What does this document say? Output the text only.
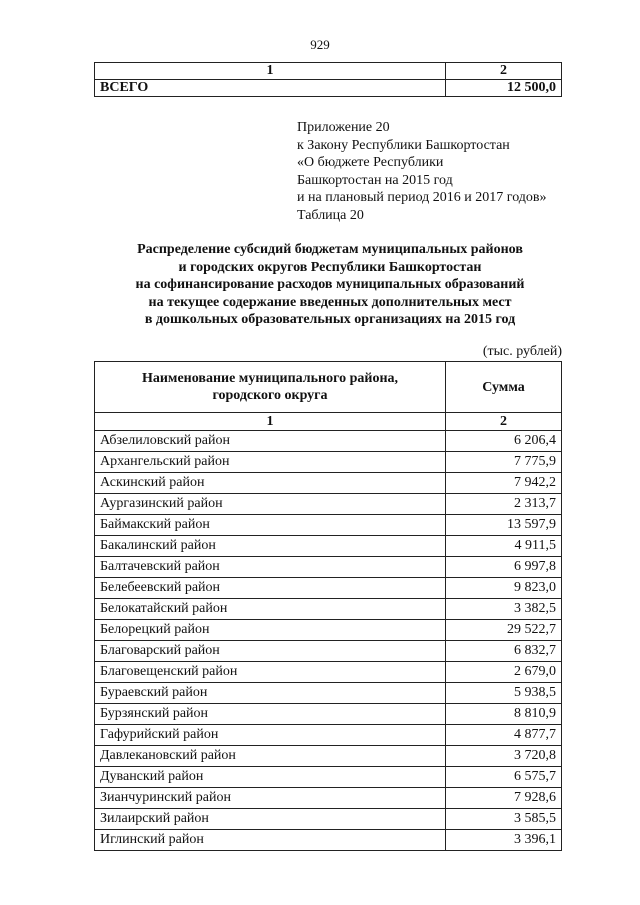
929
1	2
ВСЕГО	12 500,0
Приложение 20
к Закону Республики Башкортостан
«О бюджете Республики
Башкортостан на 2015 год
и на плановый период 2016 и 2017 годов»
Таблица 20
Распределение субсидий бюджетам муниципальных районов
и городских округов Республики Башкортостан
на софинансирование расходов муниципальных образований
на текущее содержание введенных дополнительных мест
в дошкольных образовательных организациях на 2015 год
(тыс. рублей)
Наименование муниципального района,
городского округа	Сумма
1	2
Абзелиловский район	6 206,4
Архангельский район	7 775,9
Аскинский район	7 942,2
Аургазинский район	2 313,7
Баймакский район	13 597,9
Бакалинский район	4 911,5
Балтачевский район	6 997,8
Белебеевский район	9 823,0
Белокатайский район	3 382,5
Белорецкий район	29 522,7
Благоварский район	6 832,7
Благовещенский район	2 679,0
Бураевский район	5 938,5
Бурзянский район	8 810,9
Гафурийский район	4 877,7
Давлекановский район	3 720,8
Дуванский район	6 575,7
Зианчуринский район	7 928,6
Зилаирский район	3 585,5
Иглинский район	3 396,1
